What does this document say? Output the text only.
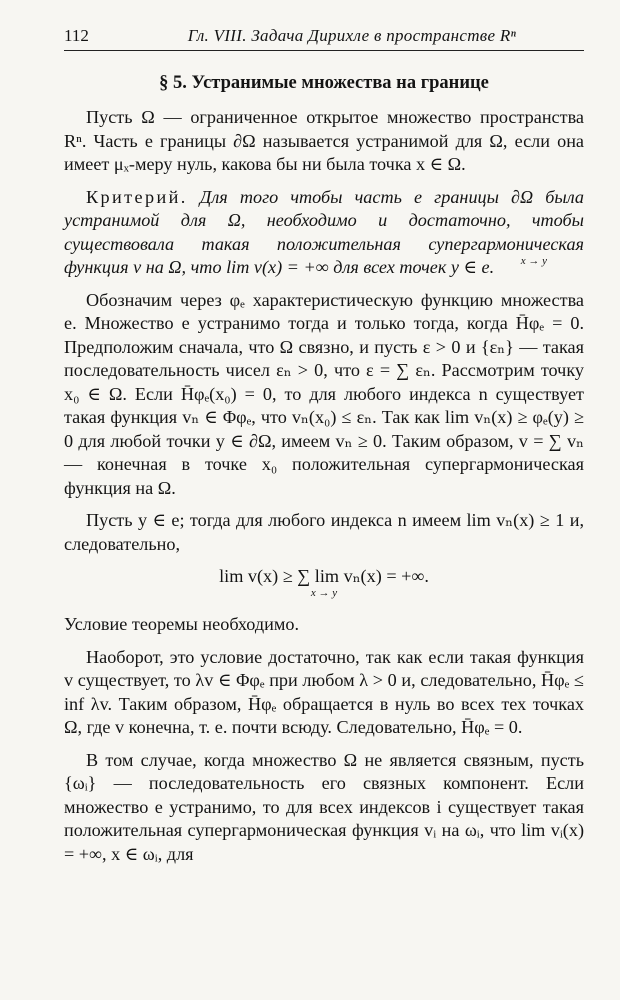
112	Гл. VIII. Задача Дирихле в пространстве Rⁿ
§ 5. Устранимые множества на границе

Пусть Ω — ограниченное открытое множество пространства Rⁿ. Часть e границы ∂Ω называется устранимой для Ω, если она имеет μₓ-меру нуль, какова бы ни была точка x ∈ Ω.

Критерий. Для того чтобы часть e границы ∂Ω была устранимой для Ω, необходимо и достаточно, чтобы существовала такая положительная супергармоническая функция v на Ω, что lim v(x) = +∞ для всех точек y ∈ e.	x → y

Обозначим через φₑ характеристическую функцию множества e. Множество e устранимо тогда и только тогда, когда H̄φₑ = 0. Предположим сначала, что Ω связно, и пусть ε > 0 и {εₙ} — такая последовательность чисел εₙ > 0, что ε = ∑ εₙ. Рассмотрим точку x₀ ∈ Ω. Если H̄φₑ(x₀) = 0, то для любого индекса n существует такая функция vₙ ∈ Φφₑ, что vₙ(x₀) ≤ εₙ. Так как lim vₙ(x) ≥ φₑ(y) ≥ 0 для любой точки y ∈ ∂Ω, имеем vₙ ≥ 0. Таким образом, v = ∑ vₙ — конечная в точке x₀ положительная супергармоническая функция на Ω.

Пусть y ∈ e; тогда для любого индекса n имеем lim vₙ(x) ≥ 1 и, следовательно,

lim v(x) ≥ ∑ lim vₙ(x) = +∞.
x → y

Условие теоремы необходимо.

Наоборот, это условие достаточно, так как если такая функция v существует, то λv ∈ Φφₑ при любом λ > 0 и, следовательно, H̄φₑ ≤ inf λv. Таким образом, H̄φₑ обращается в нуль во всех тех точках Ω, где v конечна, т. е. почти всюду. Следовательно, H̄φₑ = 0.

В том случае, когда множество Ω не является связным, пусть {ωᵢ} — последовательность его связных компонент. Если множество e устранимо, то для всех индексов i существует такая положительная супергармоническая функция vᵢ на ωᵢ, что lim vᵢ(x) = +∞, x ∈ ωᵢ, для
